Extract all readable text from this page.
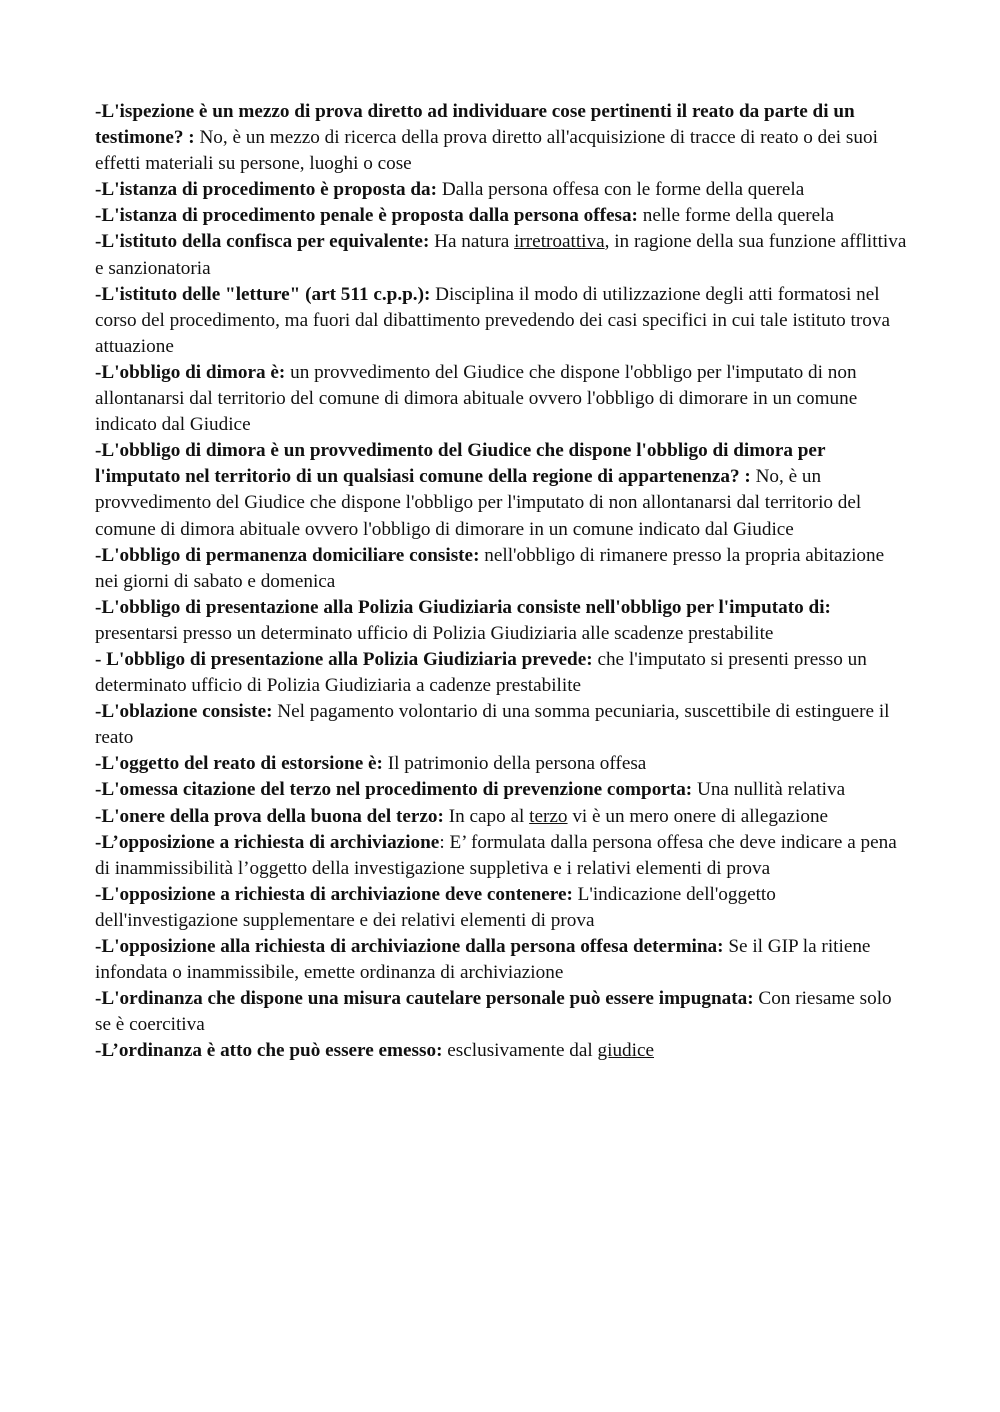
-L'ispezione è un mezzo di prova diretto ad individuare cose pertinenti il reato da parte di un testimone? : No, è un mezzo di ricerca della prova diretto all'acquisizione di tracce di reato o dei suoi effetti materiali su persone, luoghi o cose

-L'istanza di procedimento è proposta da: Dalla persona offesa con le forme della querela

-L'istanza di procedimento penale è proposta dalla persona offesa: nelle forme della querela

-L'istituto della confisca per equivalente: Ha natura irretroattiva, in ragione della sua funzione afflittiva e sanzionatoria

-L'istituto delle "letture" (art 511 c.p.p.): Disciplina il modo di utilizzazione degli atti formatosi nel corso del procedimento, ma fuori dal dibattimento prevedendo dei casi specifici in cui tale istituto trova attuazione

-L'obbligo di dimora è: un provvedimento del Giudice che dispone l'obbligo per l'imputato di non allontanarsi dal territorio del comune di dimora abituale ovvero l'obbligo di dimorare in un comune indicato dal Giudice

-L'obbligo di dimora è un provvedimento del Giudice che dispone l'obbligo di dimora per l'imputato nel territorio di un qualsiasi comune della regione di appartenenza? : No, è un provvedimento del Giudice che dispone l'obbligo per l'imputato di non allontanarsi dal territorio del comune di dimora abituale ovvero l'obbligo di dimorare in un comune indicato dal Giudice

-L'obbligo di permanenza domiciliare consiste: nell'obbligo di rimanere presso la propria abitazione nei giorni di sabato e domenica

-L'obbligo di presentazione alla Polizia Giudiziaria consiste nell'obbligo per l'imputato di: presentarsi presso un determinato ufficio di Polizia Giudiziaria alle scadenze prestabilite

- L'obbligo di presentazione alla Polizia Giudiziaria prevede: che l'imputato si presenti presso un determinato ufficio di Polizia Giudiziaria a cadenze prestabilite

-L'oblazione consiste: Nel pagamento volontario di una somma pecuniaria, suscettibile di estinguere il reato

-L'oggetto del reato di estorsione è: Il patrimonio della persona offesa

-L'omessa citazione del terzo nel procedimento di prevenzione comporta: Una nullità relativa

-L'onere della prova della buona del terzo: In capo al terzo vi è un mero onere di allegazione

-L’opposizione a richiesta di archiviazione: E’ formulata dalla persona offesa che deve indicare a pena di inammissibilità l’oggetto della investigazione suppletiva e i relativi elementi di prova

-L'opposizione a richiesta di archiviazione deve contenere: L'indicazione dell'oggetto dell'investigazione supplementare e dei relativi elementi di prova

-L'opposizione alla richiesta di archiviazione dalla persona offesa determina: Se il GIP la ritiene infondata o inammissibile, emette ordinanza di archiviazione

-L'ordinanza che dispone una misura cautelare personale può essere impugnata: Con riesame solo se è coercitiva

-L’ordinanza è atto che può essere emesso: esclusivamente dal giudice
